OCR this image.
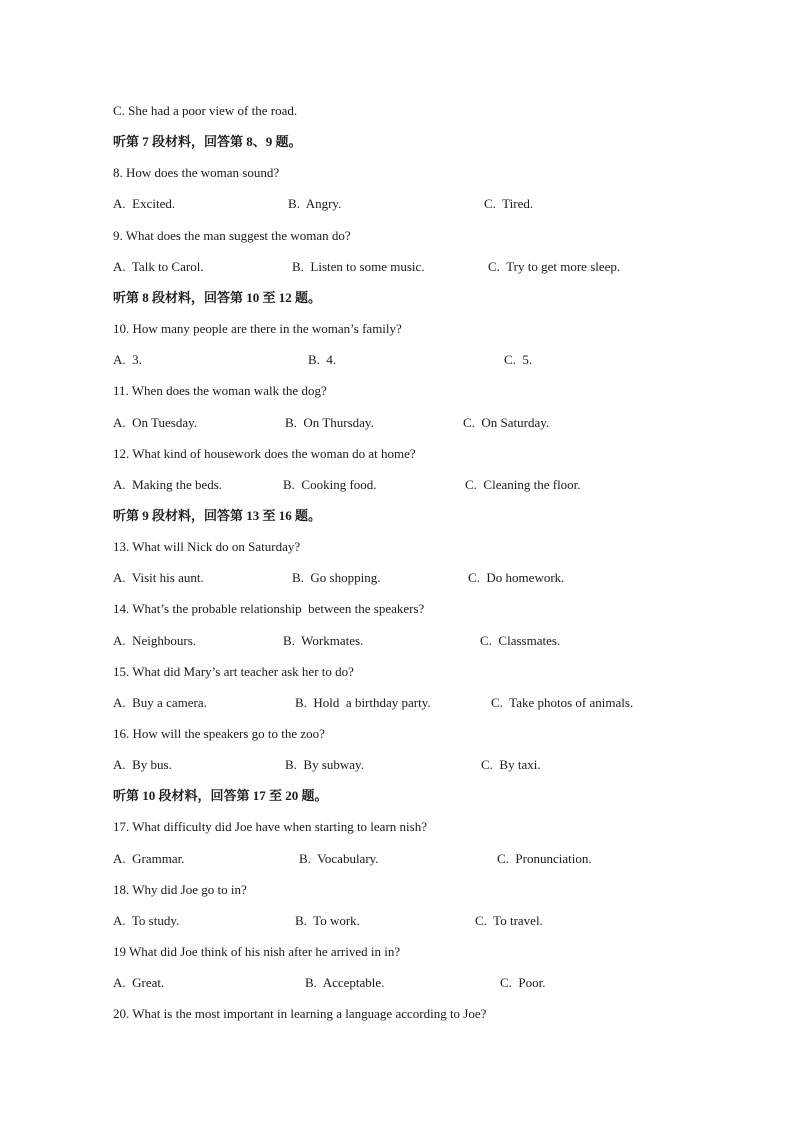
C. She had a poor view of the road.
听第 7 段材料，回答第 8、9 题。
8. How does the woman sound?
A.  Excited.	B.  Angry.	C.  Tired.
9. What does the man suggest the woman do?
A.  Talk to Carol.	B.  Listen to some music.	C.  Try to get more sleep.
听第 8 段材料，回答第 10 至 12 题。
10. How many people are there in the woman’s family?
A.  3.	B.  4.	C.  5.
11. When does the woman walk the dog?
A.  On Tuesday.	B.  On Thursday.	C.  On Saturday.
12. What kind of housework does the woman do at home?
A.  Making the beds.	B.  Cooking food.	C.  Cleaning the floor.
听第 9 段材料，回答第 13 至 16 题。
13. What will Nick do on Saturday?
A.  Visit his aunt.	B.  Go shopping.	C.  Do homework.
14. What’s the probable relationship  between the speakers?
A.  Neighbours.	B.  Workmates.	C.  Classmates.
15. What did Mary’s art teacher ask her to do?
A.  Buy a camera.	B.  Hold  a birthday party.	C.  Take photos of animals.
16. How will the speakers go to the zoo?
A.  By bus.	B.  By subway.	C.  By taxi.
听第 10 段材料，回答第 17 至 20 题。
17. What difficulty did Joe have when starting to learn nish?
A.  Grammar.	B.  Vocabulary.	C.  Pronunciation.
18. Why did Joe go to in?
A.  To study.	B.  To work.	C.  To travel.
19 What did Joe think of his nish after he arrived in in?
A.  Great.	B.  Acceptable.	C.  Poor.
20. What is the most important in learning a language according to Joe?
